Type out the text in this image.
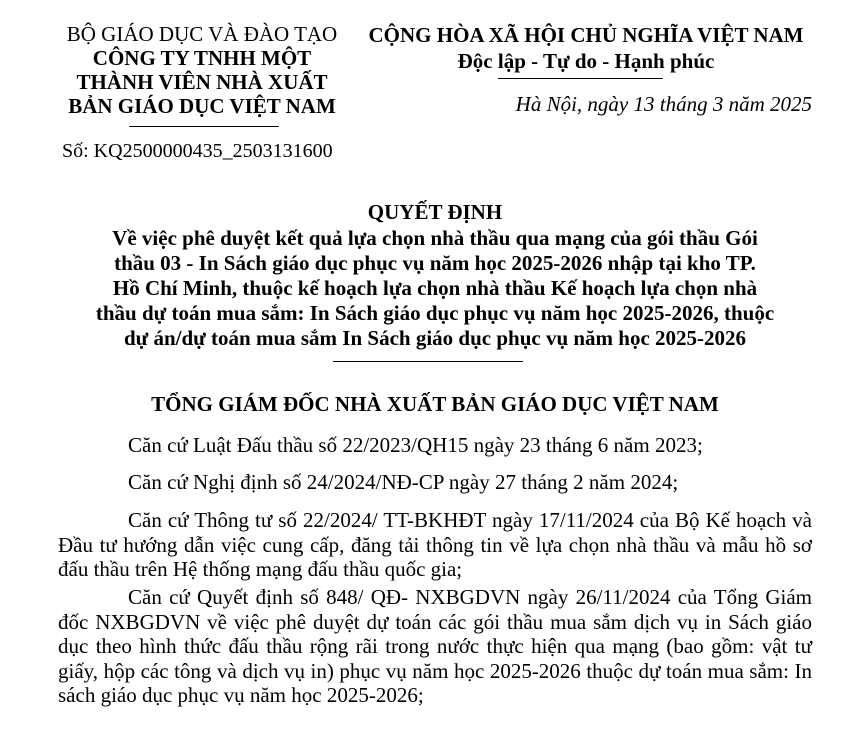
BỘ GIÁO DỤC VÀ ĐÀO TẠO
CÔNG TY TNHH MỘT
THÀNH VIÊN NHÀ XUẤT
BẢN GIÁO DỤC VIỆT NAM
CỘNG HÒA XÃ HỘI CHỦ NGHĨA VIỆT NAM
Độc lập - Tự do - Hạnh phúc
Hà Nội, ngày 13 tháng 3 năm 2025
Số: KQ2500000435_2503131600
QUYẾT ĐỊNH
Về việc phê duyệt kết quả lựa chọn nhà thầu qua mạng của gói thầu Gói
thầu 03 - In Sách giáo dục phục vụ năm học 2025-2026 nhập tại kho TP.
Hồ Chí Minh, thuộc kế hoạch lựa chọn nhà thầu Kế hoạch lựa chọn nhà
thầu dự toán mua sắm: In Sách giáo dục phục vụ năm học 2025-2026, thuộc
dự án/dự toán mua sắm In Sách giáo dục phục vụ năm học 2025-2026
TỔNG GIÁM ĐỐC NHÀ XUẤT BẢN GIÁO DỤC VIỆT NAM

Căn cứ Luật Đấu thầu số 22/2023/QH15 ngày 23 tháng 6 năm 2023;

Căn cứ Nghị định số 24/2024/NĐ-CP ngày 27 tháng 2 năm 2024;

Căn cứ Thông tư số 22/2024/ TT-BKHĐT ngày 17/11/2024 của Bộ Kế hoạch và Đầu tư hướng dẫn việc cung cấp, đăng tải thông tin về lựa chọn nhà thầu và mẫu hồ sơ đấu thầu trên Hệ thống mạng đấu thầu quốc gia;

Căn cứ Quyết định số 848/ QĐ- NXBGDVN ngày 26/11/2024 của Tổng Giám đốc NXBGDVN về việc phê duyệt dự toán các gói thầu mua sắm dịch vụ in Sách giáo dục theo hình thức đấu thầu rộng rãi trong nước thực hiện qua mạng (bao gồm: vật tư giấy, hộp các tông và dịch vụ in) phục vụ năm học 2025-2026 thuộc dự toán mua sắm: In sách giáo dục phục vụ năm học 2025-2026;
